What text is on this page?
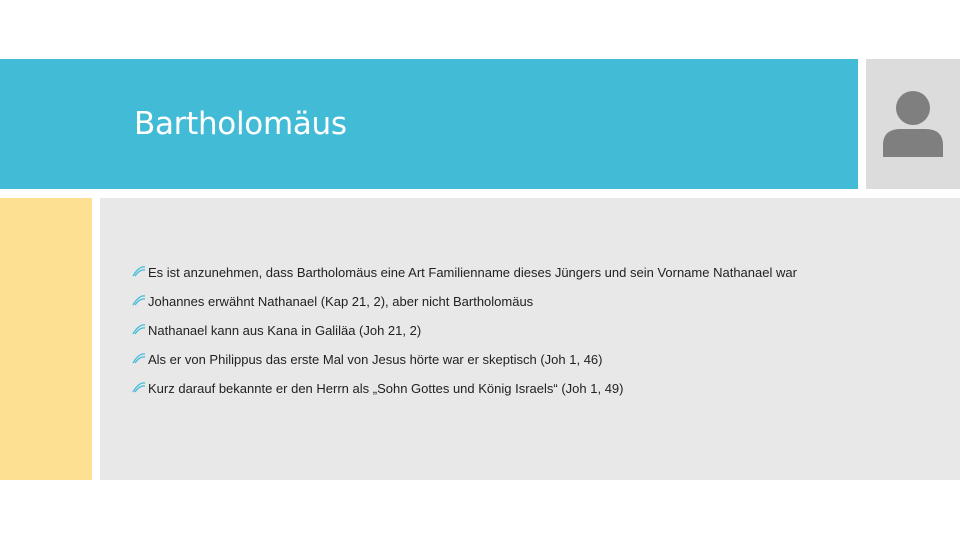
Bartholomäus
Es ist anzunehmen, dass Bartholomäus eine Art Familienname dieses Jüngers und sein Vorname Nathanael war
Johannes erwähnt Nathanael (Kap 21, 2), aber nicht Bartholomäus
Nathanael kann aus Kana in Galiläa (Joh 21, 2)
Als er von Philippus das erste Mal von Jesus hörte war er skeptisch (Joh 1, 46)
Kurz darauf bekannte er den Herrn als „Sohn Gottes und König Israels“ (Joh 1, 49)
